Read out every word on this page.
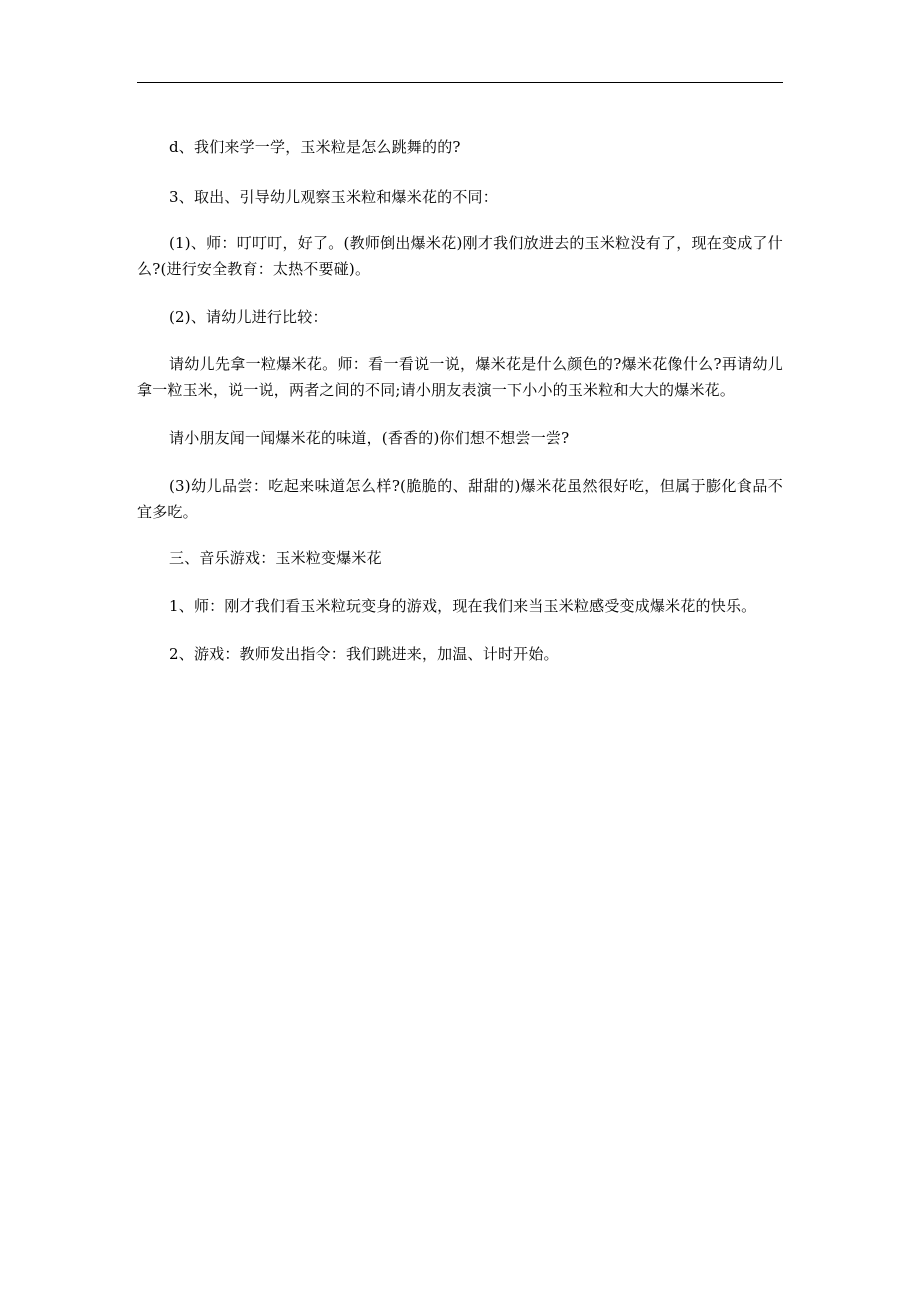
d、我们来学一学，玉米粒是怎么跳舞的的?

3、取出、引导幼儿观察玉米粒和爆米花的不同：

(1)、师：叮叮叮，好了。(教师倒出爆米花)刚才我们放进去的玉米粒没有了，现在变成了什么?(进行安全教育：太热不要碰)。

(2)、请幼儿进行比较：

请幼儿先拿一粒爆米花。师：看一看说一说，爆米花是什么颜色的?爆米花像什么?再请幼儿拿一粒玉米，说一说，两者之间的不同;请小朋友表演一下小小的玉米粒和大大的爆米花。

请小朋友闻一闻爆米花的味道，(香香的)你们想不想尝一尝?

(3)幼儿品尝：吃起来味道怎么样?(脆脆的、甜甜的)爆米花虽然很好吃，但属于膨化食品不宜多吃。

三、音乐游戏：玉米粒变爆米花

1、师：刚才我们看玉米粒玩变身的游戏，现在我们来当玉米粒感受变成爆米花的快乐。

2、游戏：教师发出指令：我们跳进来，加温、计时开始。
